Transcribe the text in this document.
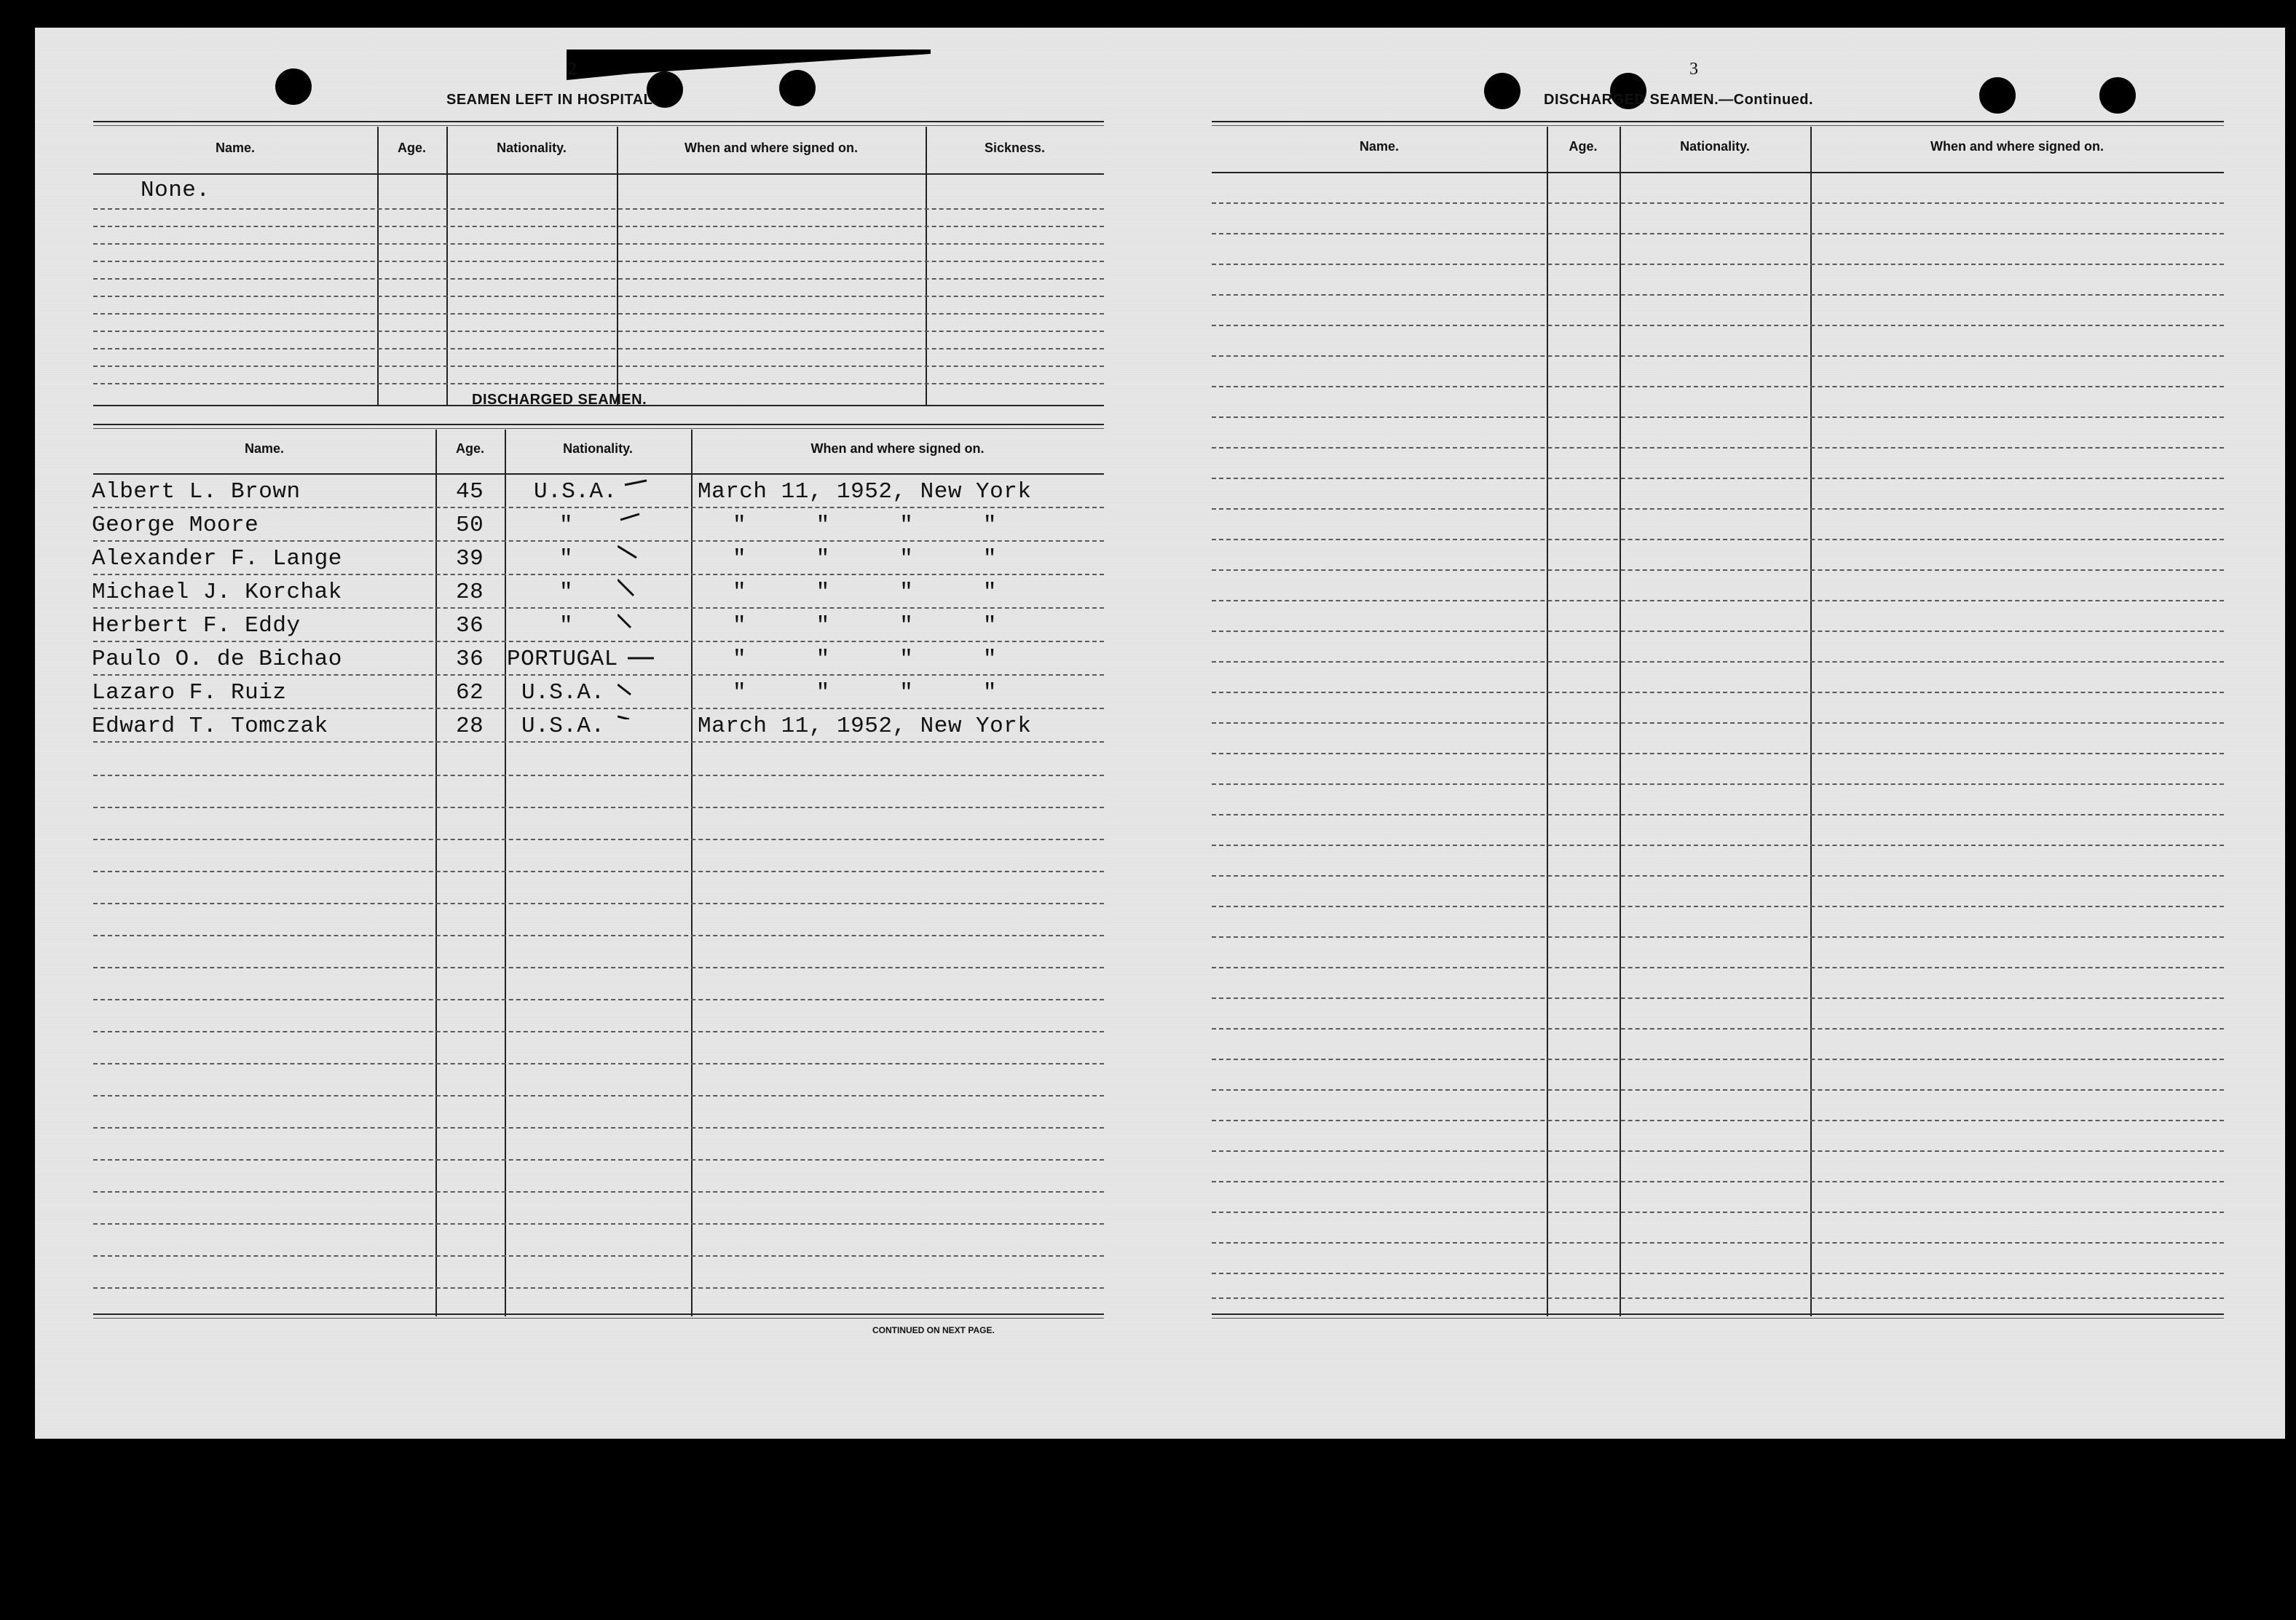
2
SEAMEN LEFT IN HOSPITAL.
Name.	Age.	Nationality.	When and where signed on.	Sickness.
None.
DISCHARGED SEAMEN.
Name.	Age.	Nationality.	When and where signed on.
Albert L. Brown	45 U.S.A.	March 11, 1952, New York
George Moore	50	"	"     "     "     "
Alexander F. Lange	39	"	"     "     "     "
Michael J. Korchak	28	"	"     "     "     "
Herbert F. Eddy	36	"	"     "     "     "
Paulo O. de Bichao	36 PORTUGAL	"     "     "     "
Lazaro F. Ruiz	62 U.S.A.	"     "     "     "
Edward T. Tomczak	28 U.S.A.	March 11, 1952, New York
CONTINUED ON NEXT PAGE.
3
DISCHARGED SEAMEN.—Continued.
Name.	Age.	Nationality.	When and where signed on.
